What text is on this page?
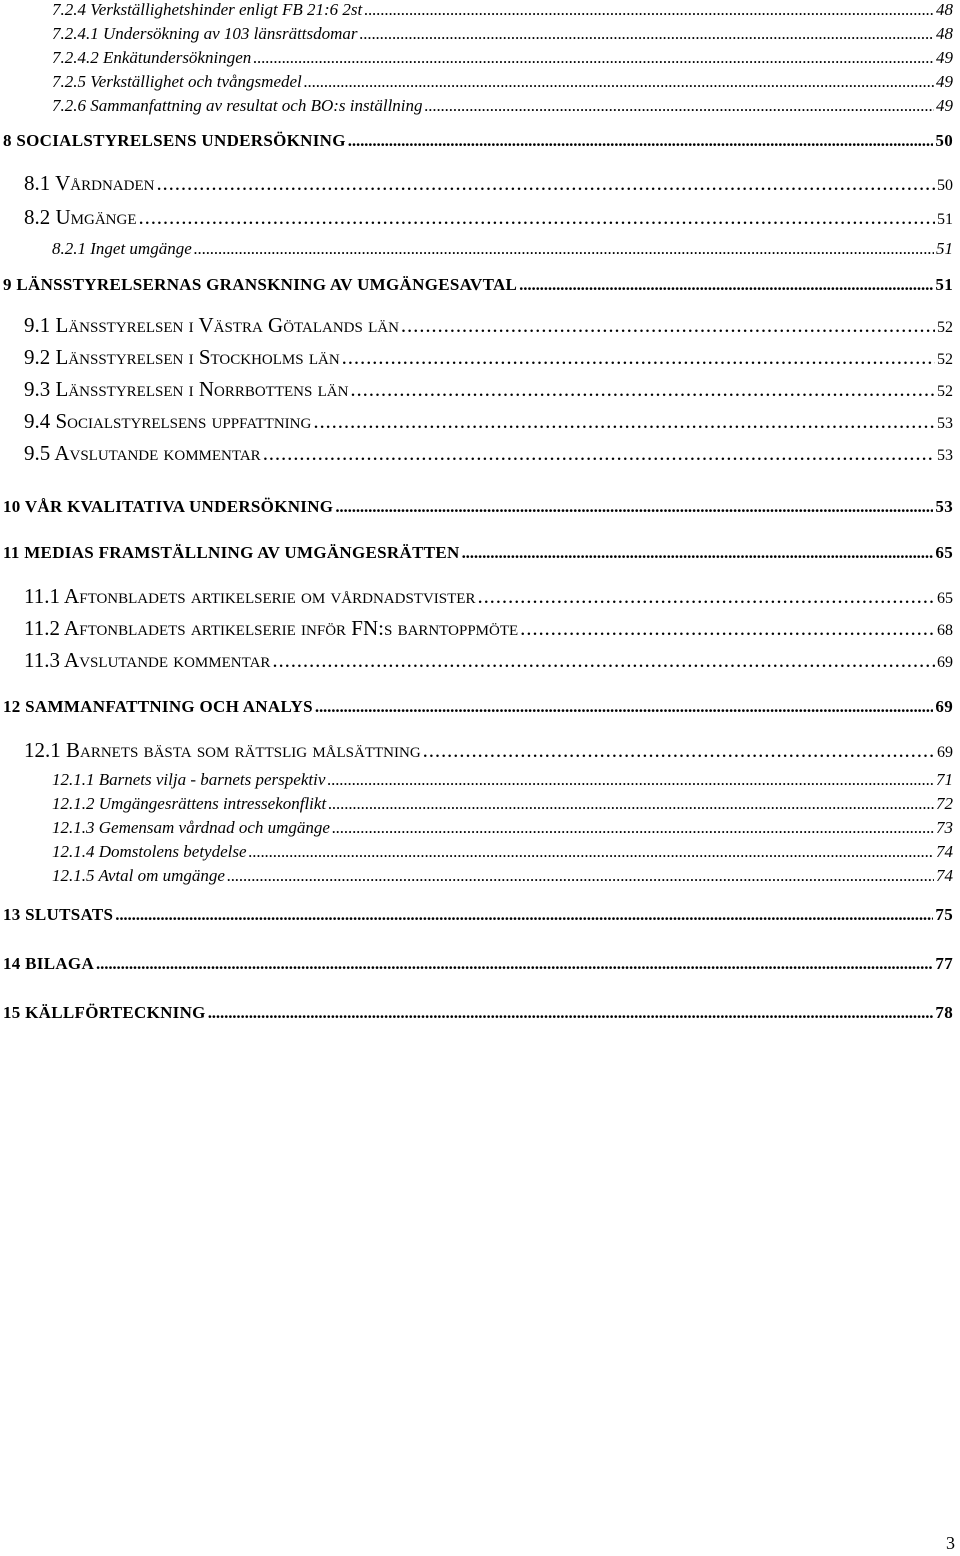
7.2.4 Verkställighetshinder enligt FB 21:6 2st . . .	48
7.2.4.1 Undersökning av 103 länsrättsdomar . . .	48
7.2.4.2 Enkätundersökningen . . .	49
7.2.5 Verkställighet och tvångsmedel . . .	49
7.2.6 Sammanfattning av resultat och BO:s inställning . . .	49
8 SOCIALSTYRELSENS UNDERSÖKNING . . .	50
8.1 Vårdnaden . . .	50
8.2 Umgänge . . .	51
8.2.1 Inget umgänge . . .	51
9 LÄNSSTYRELSERNAS GRANSKNING AV UMGÄNGESAVTAL . . .	51
9.1 Länsstyrelsen i Västra Götalands län . . .	52
9.2 Länsstyrelsen i Stockholms län . . .	52
9.3 Länsstyrelsen i Norrbottens län . . .	52
9.4 Socialstyrelsens uppfattning . . .	53
9.5 Avslutande kommentar . . .	53
10 VÅR KVALITATIVA UNDERSÖKNING . . .	53
11 MEDIAS FRAMSTÄLLNING AV UMGÄNGESRÄTTEN . . .	65
11.1 Aftonbladets artikelserie om vårdnadstvister . . .	65
11.2 Aftonbladets artikelserie inför FN:s barntoppmöte . . .	68
11.3 Avslutande kommentar . . .	69
12 SAMMANFATTNING OCH ANALYS . . .	69
12.1 Barnets bästa som rättslig målsättning . . .	69
12.1.1 Barnets vilja - barnets perspektiv . . .	71
12.1.2 Umgängesrättens intressekonflikt . . .	72
12.1.3 Gemensam vårdnad och umgänge . . .	73
12.1.4 Domstolens betydelse . . .	74
12.1.5 Avtal om umgänge . . .	74
13 SLUTSATS . . .	75
14 BILAGA . . .	77
15 KÄLLFÖRTECKNING . . .	78
3
